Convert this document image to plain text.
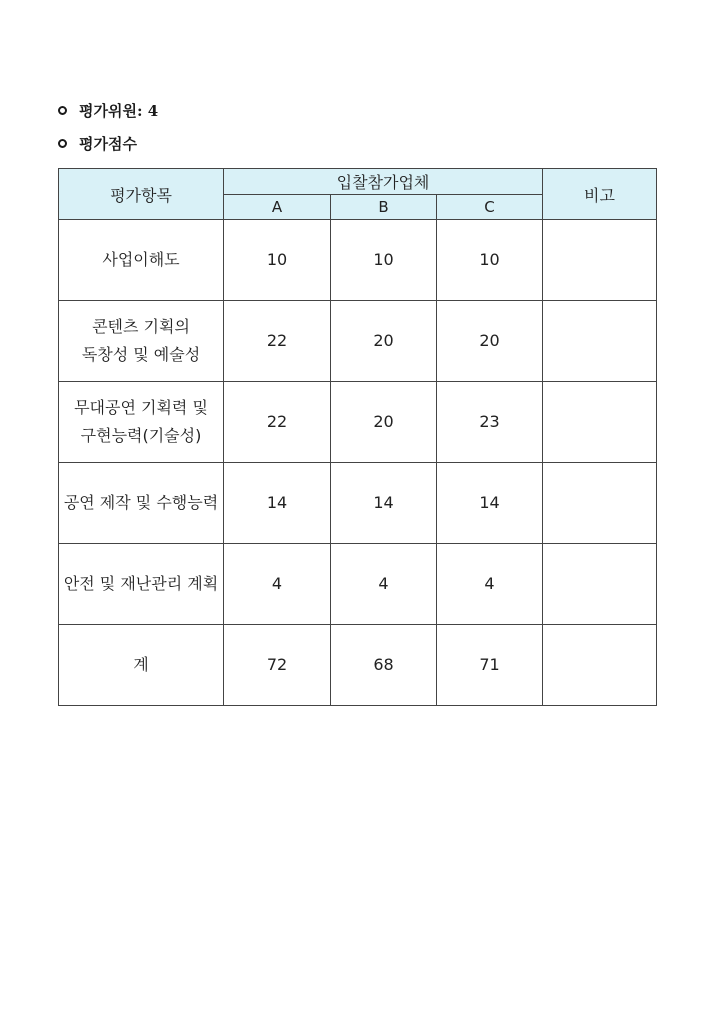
평가위원: 4
평가점수
평가항목	입찰참가업체			비고
	A	B	C	

사업이해도	10	10	10	

콘텐츠 기획의
독창성 및 예술성	22	20	20	

무대공연 기획력 및
구현능력(기술성)	22	20	23	

공연 제작 및 수행능력	14	14	14	

안전 및 재난관리 계획	4	4	4	

계	72	68	71	
